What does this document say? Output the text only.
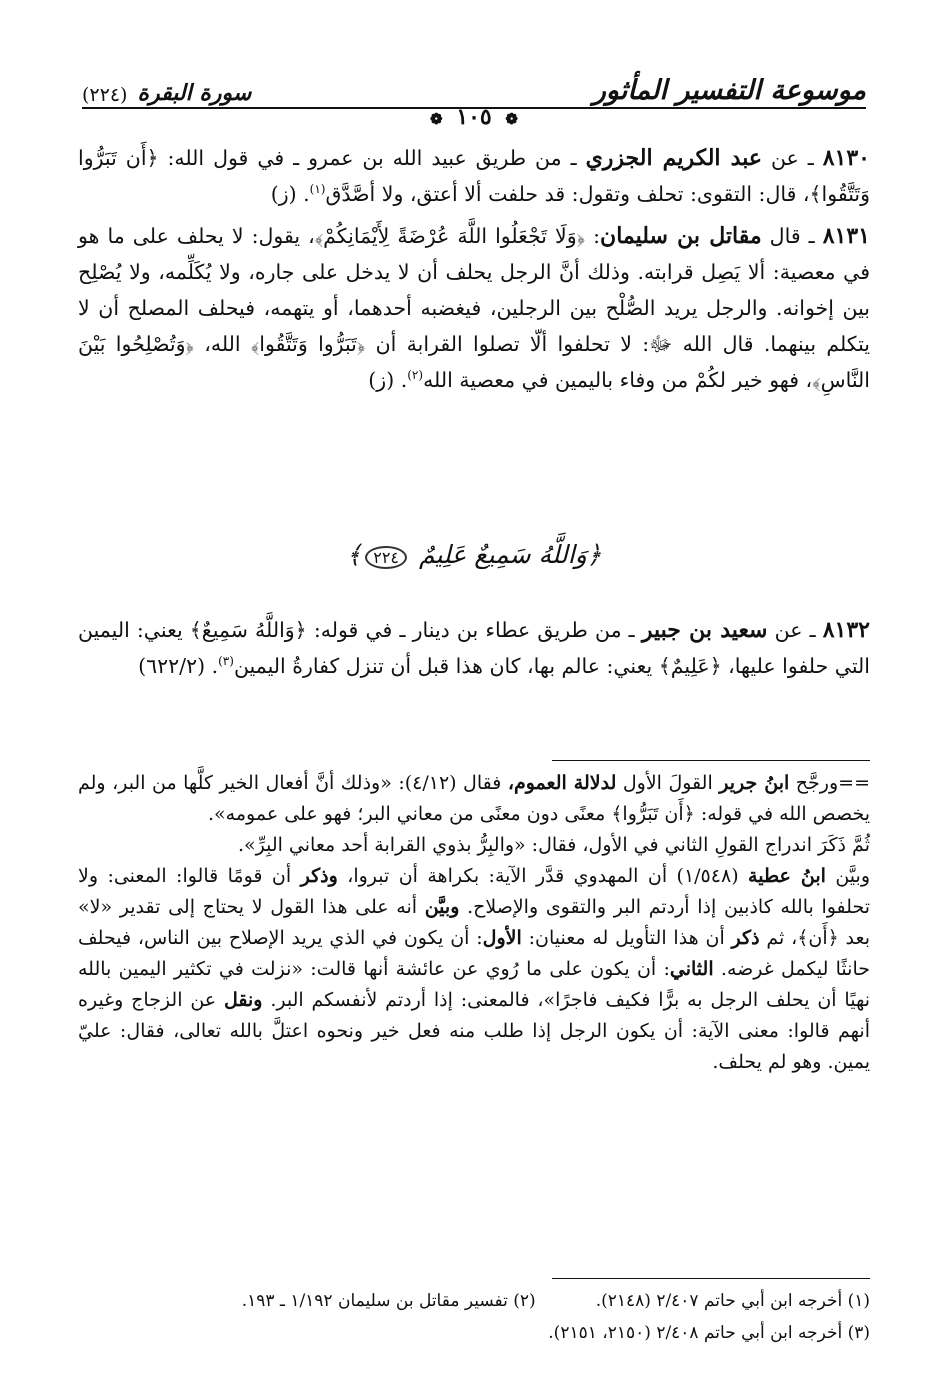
موسوعة التفسير المأثور
سورة البقرة
(٢٢٤)
❁ ١٠٥ ❁

٨١٣٠ ـ عن عبد الكريم الجزري ـ من طريق عبيد الله بن عمرو ـ في قول الله: ﴿أَن تَبَرُّوا وَتَتَّقُوا﴾، قال: التقوى: تحلف وتقول: قد حلفت ألا أعتق، ولا أصَّدَّق$^{(١)}$. (ز)

٨١٣١ ـ قال مقاتل بن سليمان: ﴿وَلَا تَجْعَلُوا اللَّهَ عُرْضَةً لِأَيْمَانِكُمْ﴾، يقول: لا يحلف على ما هو في معصية: ألا يَصِل قرابته. وذلك أنَّ الرجل يحلف أن لا يدخل على جاره، ولا يُكَلِّمه، ولا يُصْلِح بين إخوانه. والرجل يريد الصُّلْح بين الرجلين، فيغضبه أحدهما، أو يتهمه، فيحلف المصلح أن لا يتكلم بينهما. قال الله ﷻ: لا تحلفوا ألّا تصلوا القرابة أن ﴿تَبَرُّوا وَتَتَّقُوا﴾ الله، ﴿وَتُصْلِحُوا بَيْنَ النَّاسِ﴾، فهو خير لكُمْ من وفاء باليمين في معصية الله$^{(٢)}$. (ز)

﴿وَاللَّهُ سَمِيعٌ عَلِيمٌ ٢٢٤﴾

٨١٣٢ ـ عن سعيد بن جبير ـ من طريق عطاء بن دينار ـ في قوله: ﴿وَاللَّهُ سَمِيعٌ﴾ يعني: اليمين التي حلفوا عليها، ﴿عَلِيمٌ﴾ يعني: عالم بها، كان هذا قبل أن تنزل كفارةُ اليمين$^{(٣)}$. (٦٢٢/٢)

==ورجَّح ابنُ جرير القولَ الأول لدلالة العموم، فقال (٤/١٢): «وذلك أنَّ أفعال الخير كلَّها من البر، ولم يخصص الله في قوله: ﴿أَن تَبَرُّوا﴾ معنًى دون معنًى من معاني البر؛ فهو على عمومه».

ثُمَّ ذَكَرَ اندراج القولِ الثاني في الأول، فقال: «والبِرُّ بذوي القرابة أحد معاني البِرِّ».

وبيَّن ابنُ عطية (١/٥٤٨) أن المهدوي قدَّر الآية: بكراهة أن تبروا، وذكر أن قومًا قالوا: المعنى: ولا تحلفوا بالله كاذبين إذا أردتم البر والتقوى والإصلاح. وبيَّن أنه على هذا القول لا يحتاج إلى تقدير «لا» بعد ﴿أَن﴾، ثم ذكر أن هذا التأويل له معنيان: الأول: أن يكون في الذي يريد الإصلاح بين الناس، فيحلف حانثًا ليكمل غرضه. الثاني: أن يكون على ما رُوي عن عائشة أنها قالت: «نزلت في تكثير اليمين بالله نهيًا أن يحلف الرجل به برًّا فكيف فاجرًا»، فالمعنى: إذا أردتم لأنفسكم البر. ونقل عن الزجاج وغيره أنهم قالوا: معنى الآية: أن يكون الرجل إذا طلب منه فعل خير ونحوه اعتلَّ بالله تعالى، فقال: عليّ يمين. وهو لم يحلف.

(١) أخرجه ابن أبي حاتم ٢/٤٠٧ (٢١٤٨).
(٢) تفسير مقاتل بن سليمان ١/١٩٢ ـ ١٩٣.
(٣) أخرجه ابن أبي حاتم ٢/٤٠٨ (٢١٥٠، ٢١٥١).
